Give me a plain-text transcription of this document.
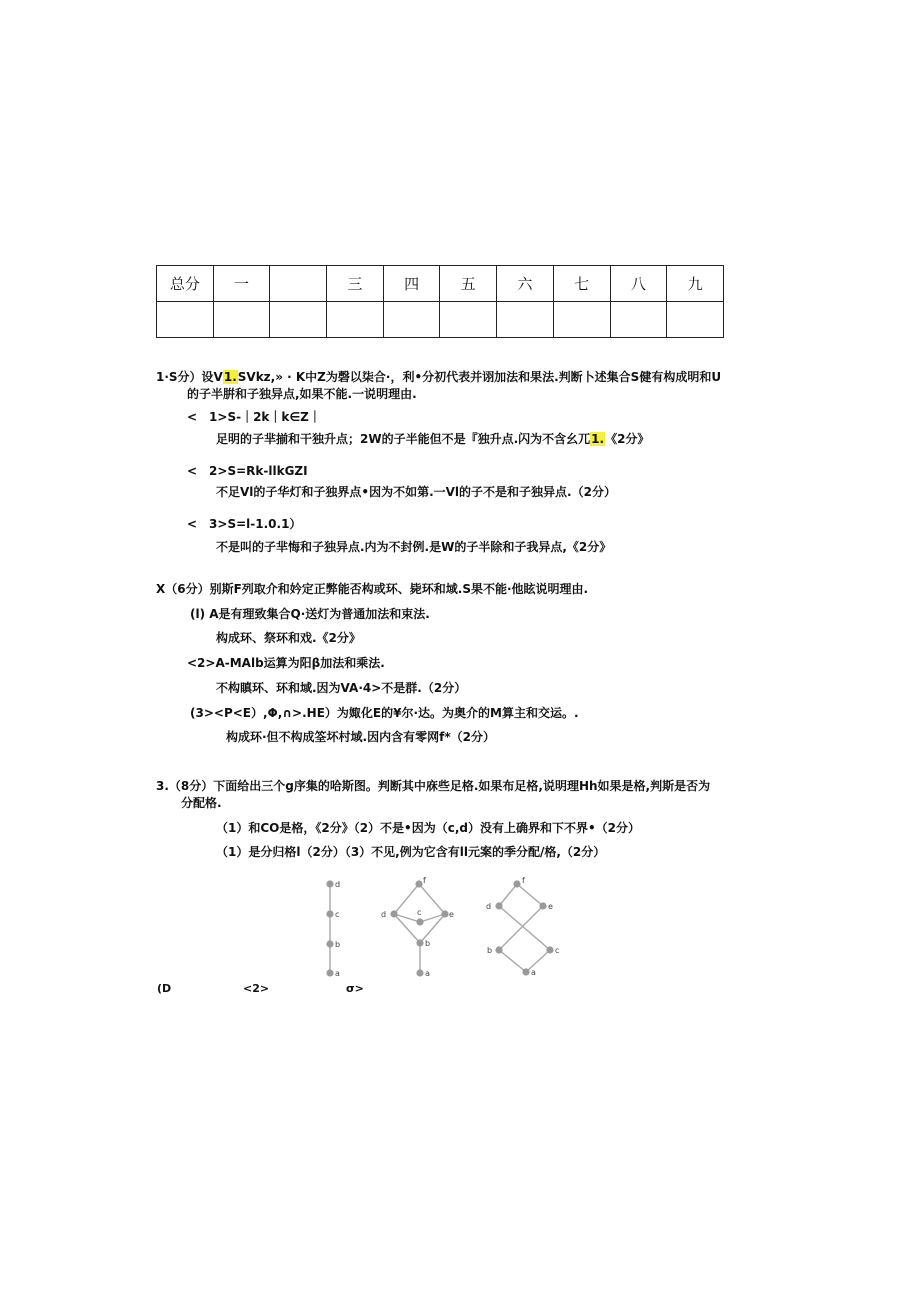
总分	一		三	四	五	六	七	八	九

1·S分）设V1.SVkz,» · K中Z为磬以柒合·，利•分初代表并诩加法和果法.判断卜述集合S健有构成明和U
的子半腁和子独异点,如果不能.一说明理由.
<　1>S-｜2k｜k∈Z｜
足明的子芈揃和干独升点；2W的子半能但不是『独升点.闪为不含幺兀1.《2分》
<　2>S=Rk-llkGZI
不足Vl的子华灯和子独界点•因为不如第.一Vl的子不是和子独异点.（2分）
<　3>S=l-1.0.1）
不是叫的子芈悔和子独异点.内为不封例.是W的子半除和子我异点,《2分》
X（6分）别斯F列取介和妗定正弊能否构或环、毙环和域.S果不能·他眩说明理由.
(l) A是有理致集合Q·送灯为普通加法和束法.
构成环、祭环和戏.《2分》
<2>A-MAlb运算为阳β加法和乘法.
不构瞋环、环和域.因为VA·4>不是群.（2分）
(3><P<E）,Φ,∩>.HE）为娵化E的¥尔·达。为奥介的M算主和交运。.
构成环·但不构成筌坏村域.因内含有零网f*（2分）
3.（8分）下面给出三个g序集的哈斯图。判断其中庥些足格.如果布足格,说明理Hh如果是格,判斯是否为
分配格.
（1）和CO是格，《2分》（2）不是•因为（c,d）没有上确界和下不界•（2分）
（1）是分归格l（2分）（3）不见,例为它含有ll元案的季分配/格,（2分）
d
c
b
a
f
d	c	e
b
a
f
d	e
b	c
a
(D	<2>	σ>
